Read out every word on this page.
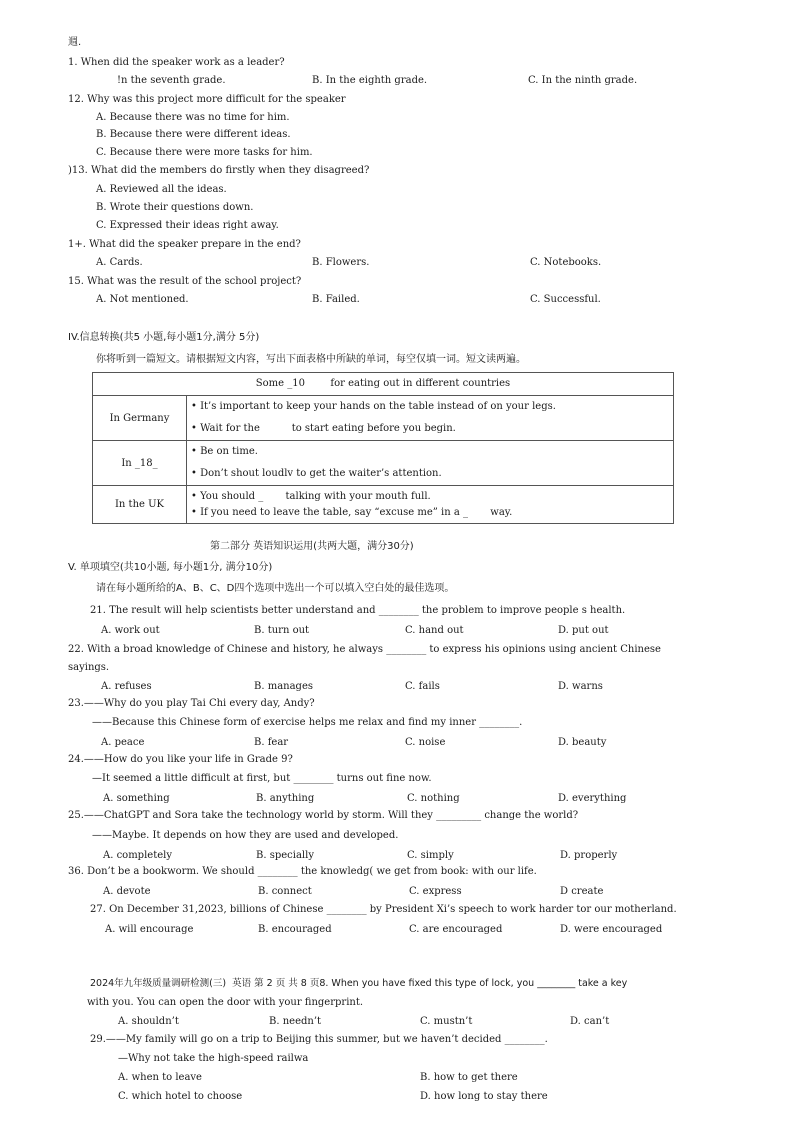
週.
1. When did the speaker work as a leader?
!n the seventh grade.	B. In the eighth grade.	C. In the ninth grade.
12. Why was this project more difficult for the speaker
A. Because there was no time for him.
B. Because there were different ideas.
C. Because there were more tasks for him.
)13. What did the members do firstly when they disagreed?
A. Reviewed all the ideas.
B. Wrote their questions down.
C. Expressed their ideas right away.
1+. What did the speaker prepare in the end?
A. Cards.	B. Flowers.	C. Notebooks.
15. What was the result of the school project?
A. Not mentioned.	B. Failed.	C. Successful.
IV.信息转换(共5 小题,每小题1分,满分 5分)
你将听到一篇短文。请根据短文内容，写出下面表格中所缺的单词，每空仅填一词。短文读两遍。
Some _10        for eating out in different countries	
In Germany	• It’s important to keep your hands on the table instead of on your legs.
• Wait for the          to start eating before you begin.

In _18_	• Be on time.
• Don’t shout loudlv to get the waiter’s attention.

In the UK	• You should _       talking with your mouth full.
• If you need to leave the table, say “excuse me” in a _       way.
第二部分 英语知识运用(共两大题，满分30分)
V. 单项填空(共10小题, 每小题1分, 满分10分)
请在每小题所给的A、B、C、D四个选项中选出一个可以填入空白处的最佳选项。
21. The result will help scientists better understand and ________ the problem to improve people s health.
A. work out	B. turn out	C. hand out	D. put out
22. With a broad knowledge of Chinese and history, he always ________ to express his opinions using ancient Chinese
sayings.
A. refuses	B. manages	C. fails	D. warns
23.——Why do you play Tai Chi every day, Andy?
——Because this Chinese form of exercise helps me relax and find my inner ________.
A. peace	B. fear	C. noise	D. beauty
24.——How do you like your life in Grade 9?
—It seemed a little difficult at first, but ________ turns out fine now.
A. something	B. anything	C. nothing	D. everything
25.——ChatGPT and Sora take the technology world by storm. Will they _________ change the world?
——Maybe. It depends on how they are used and developed.
A. completely	B. specially	C. simply	D. properly
36. Don’t be a bookworm. We should ________ the knowledg( we get from book: with our life.
A. devote	B. connect	C. express	D create
27. On December 31,2023, billions of Chinese ________ by President Xi’s speech to work harder tor our motherland.
A. will encourage	B. encouraged	C. are encouraged	D. were encouraged
2024年九年级质量调研检测(三)  英语 第 2 页 共 8 页8. When you have fixed this type of lock, you ________ take a key
with you. You can open the door with your fingerprint.
A. shouldn’t	B. needn’t	C. mustn’t	D. can’t
29.——My family will go on a trip to Beijing this summer, but we haven’t decided ________.
—Why not take the high-speed railwa
A. when to leave	B. how to get there
C. which hotel to choose	D. how long to stay there
